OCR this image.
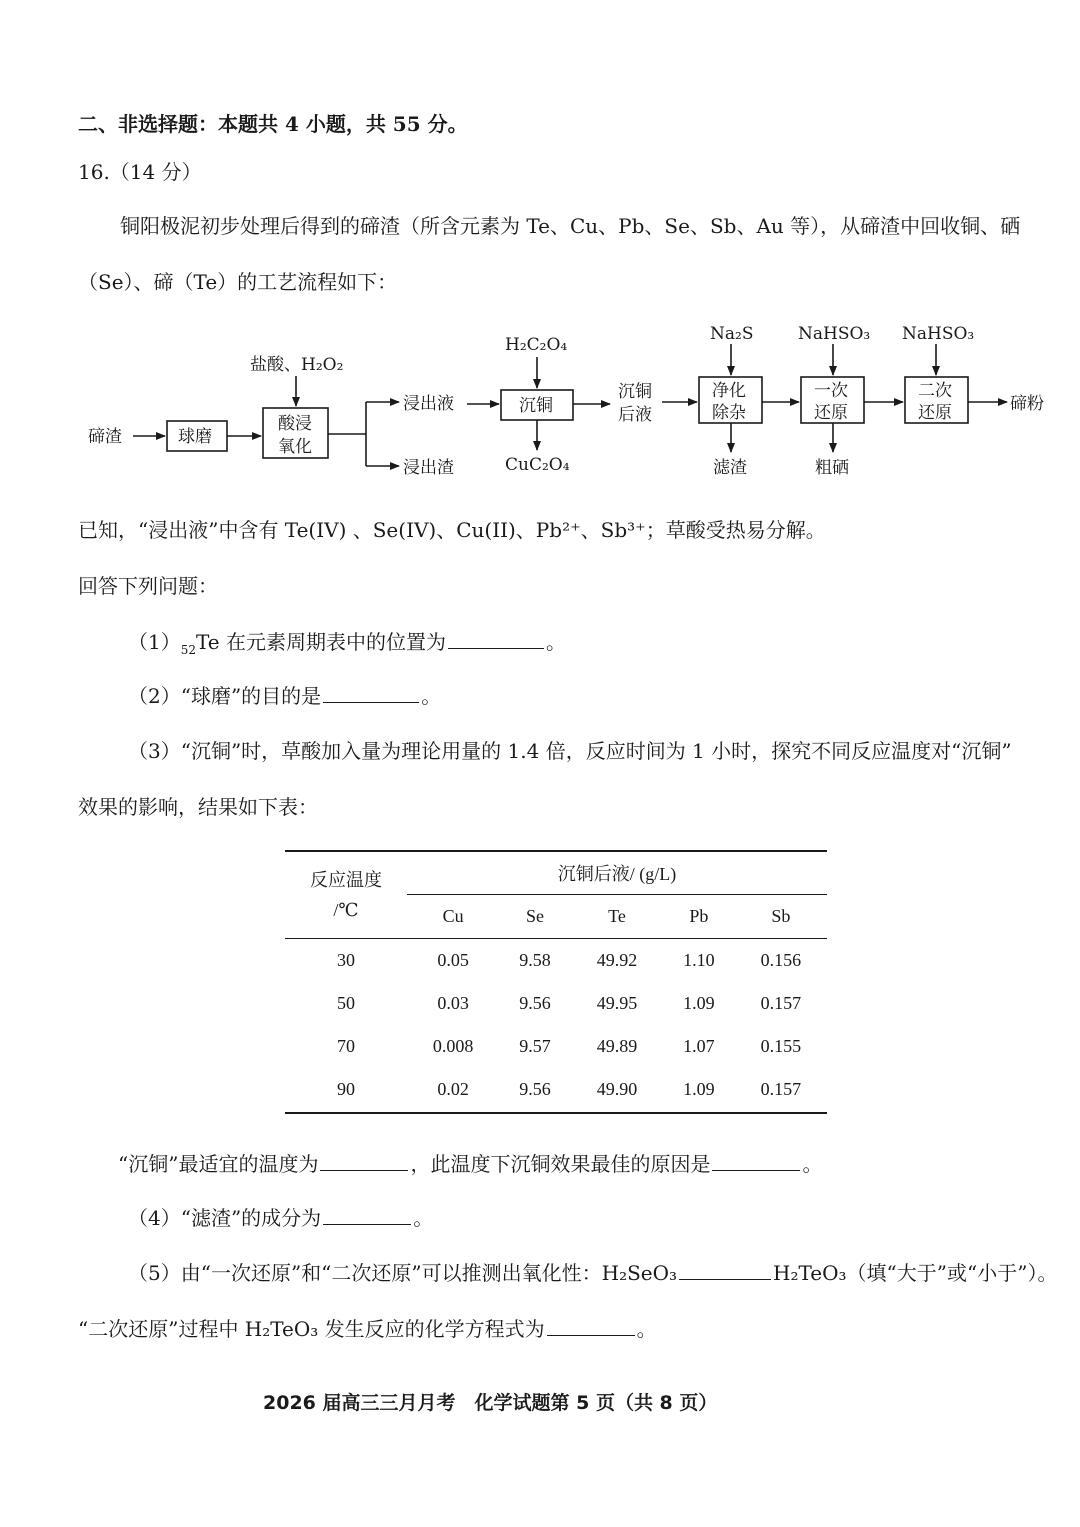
二、非选择题：本题共 4 小题，共 55 分。
16.（14 分）
铜阳极泥初步处理后得到的碲渣（所含元素为 Te、Cu、Pb、Se、Sb、Au 等），从碲渣中回收铜、硒
（Se）、碲（Te）的工艺流程如下：
碲渣	球磨
盐酸、H₂O₂
酸浸
氧化
浸出液
浸出渣
H₂C₂O₄
沉铜
CuC₂O₄
沉铜
后液
Na₂S
净化
除杂
滤渣
NaHSO₃
一次
还原
粗硒
NaHSO₃
二次
还原	碲粉
已知，“浸出液”中含有 Te(IV) 、Se(IV)、Cu(II)、Pb²⁺、Sb³⁺；草酸受热易分解。
回答下列问题：
$(1)_{52}Te$ 在元素周期表中的位置为	。
（2）“球磨”的目的是	。
（3）“沉铜”时，草酸加入量为理论用量的 1.4 倍，反应时间为 1 小时，探究不同反应温度对“沉铜”
效果的影响，结果如下表：
反应温度
/℃	沉铜后液/ (g/L)				
	Cu	Se	Te	Pb	Sb
30	0.05	9.58	49.92	1.10	0.156
50	0.03	9.56	49.95	1.09	0.157
70	0.008	9.57	49.89	1.07	0.155
90	0.02	9.56	49.90	1.09	0.157
“沉铜”最适宜的温度为	，此温度下沉铜效果最佳的原因是	。
（4）“滤渣”的成分为	。
（5）由“一次还原”和“二次还原”可以推测出氧化性：H₂SeO₃	H₂TeO₃（填“大于”或“小于”）。
“二次还原”过程中 H₂TeO₃ 发生反应的化学方程式为	。
2026 届高三三月月考　化学试题第 5 页（共 8 页）
